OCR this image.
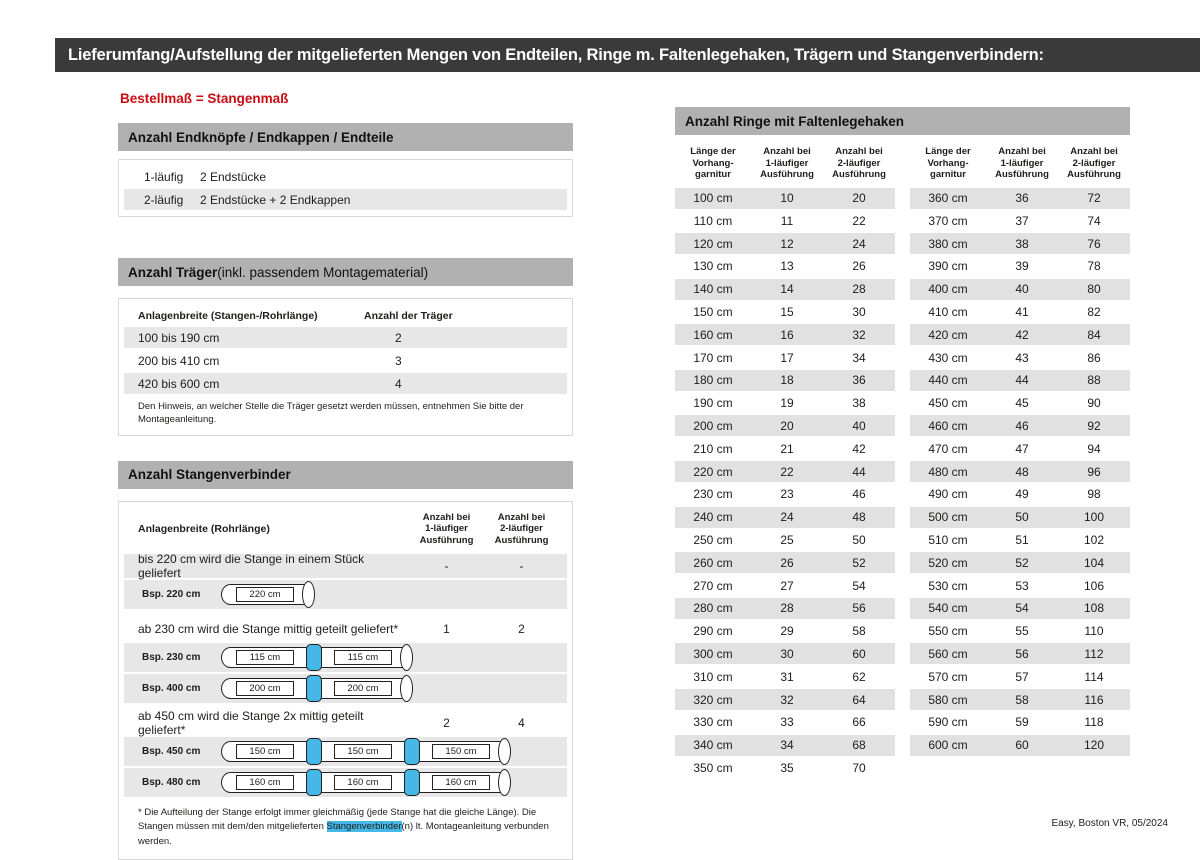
Lieferumfang/Aufstellung der mitgelieferten Mengen von Endteilen, Ringe m. Faltenlegehaken, Trägern und Stangenverbindern:
Bestellmaß = Stangenmaß
Anzahl Endknöpfe / Endkappen / Endteile
1-läufig	2 Endstücke
2-läufig	2 Endstücke + 2 Endkappen
Anzahl Träger (inkl. passendem Montagematerial)
Anlagenbreite (Stangen-/Rohrlänge)	Anzahl der Träger
100 bis 190 cm	2
200 bis 410 cm	3
420 bis 600 cm	4

Den Hinweis, an welcher Stelle die Träger gesetzt werden müssen, entnehmen Sie bitte der Montageanleitung.

Anzahl Stangenverbinder
Anlagenbreite (Rohrlänge)
Anzahl bei
1-läufiger
Ausführung
Anzahl bei
2-läufiger
Ausführung
bis 220 cm wird die Stange in einem Stück geliefert	-	-
Bsp. 220 cm	220 cm
ab 230 cm wird die Stange mittig geteilt geliefert*	1	2
Bsp. 230 cm	115 cm	115 cm
Bsp. 400 cm	200 cm	200 cm
ab 450 cm wird die Stange 2x mittig geteilt geliefert*	2	4
Bsp. 450 cm	150 cm	150 cm	150 cm
Bsp. 480 cm	160 cm	160 cm	160 cm

* Die Aufteilung der Stange erfolgt immer gleichmäßig (jede Stange hat die gleiche Länge). Die Stangen müssen mit dem/den mitgelieferten Stangenverbinder(n) lt. Montageanleitung verbunden werden.

Anzahl Ringe mit Faltenlegehaken
Länge der
Vorhang-
garnitur
Anzahl bei
1-läufiger
Ausführung
Anzahl bei
2-läufiger
Ausführung
100 cm	10	20
110 cm	11	22
120 cm	12	24
130 cm	13	26
140 cm	14	28
150 cm	15	30
160 cm	16	32
170 cm	17	34
180 cm	18	36
190 cm	19	38
200 cm	20	40
210 cm	21	42
220 cm	22	44
230 cm	23	46
240 cm	24	48
250 cm	25	50
260 cm	26	52
270 cm	27	54
280 cm	28	56
290 cm	29	58
300 cm	30	60
310 cm	31	62
320 cm	32	64
330 cm	33	66
340 cm	34	68
350 cm	35	70
Länge der
Vorhang-
garnitur
Anzahl bei
1-läufiger
Ausführung
Anzahl bei
2-läufiger
Ausführung
360 cm	36	72
370 cm	37	74
380 cm	38	76
390 cm	39	78
400 cm	40	80
410 cm	41	82
420 cm	42	84
430 cm	43	86
440 cm	44	88
450 cm	45	90
460 cm	46	92
470 cm	47	94
480 cm	48	96
490 cm	49	98
500 cm	50	100
510 cm	51	102
520 cm	52	104
530 cm	53	106
540 cm	54	108
550 cm	55	110
560 cm	56	112
570 cm	57	114
580 cm	58	116
590 cm	59	118
600 cm	60	120
Easy, Boston VR, 05/2024
